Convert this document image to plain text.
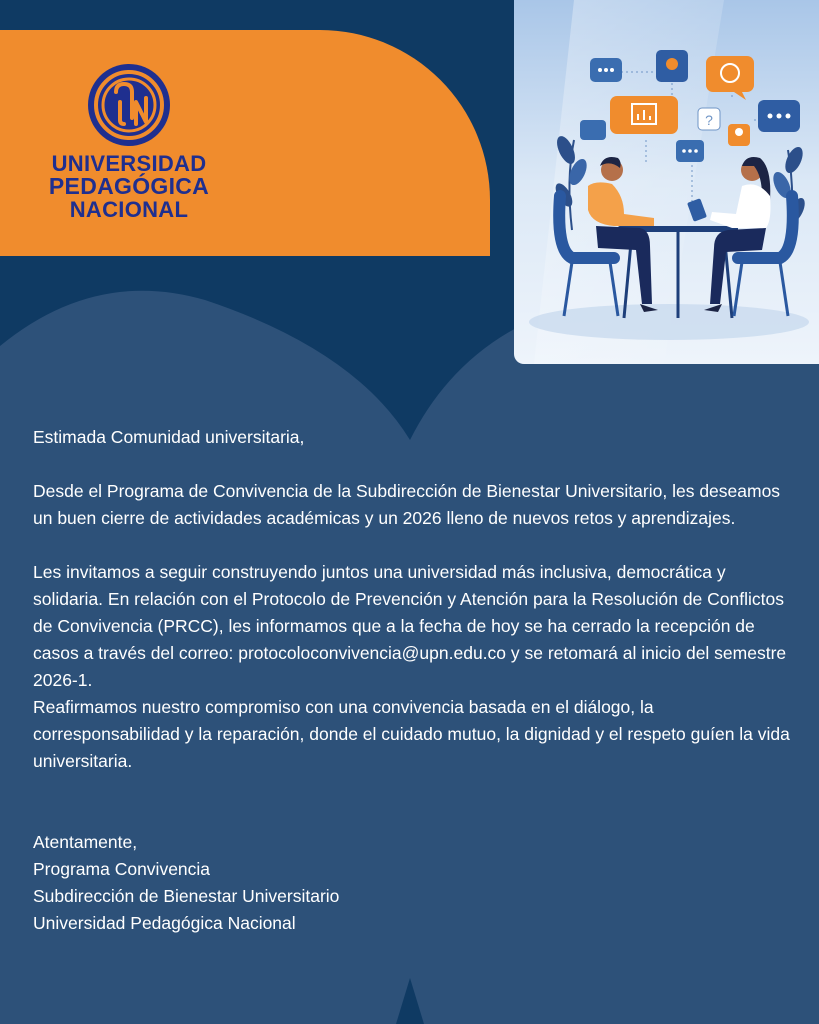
UNIVERSIDAD
PEDAGÓGICA
NACIONAL
?

Estimada Comunidad universitaria,

Desde el Programa de Convivencia de la Subdirección de Bienestar Universitario, les deseamos un buen cierre de actividades académicas y un 2026 lleno de nuevos retos y aprendizajes.

Les invitamos a seguir construyendo juntos una universidad más inclusiva, democrática y solidaria. En relación con el Protocolo de Prevención y Atención para la Resolución de Conflictos de Convivencia (PRCC), les informamos que a la fecha de hoy se ha cerrado la recepción de casos a través del correo: protocoloconvivencia@upn.edu.co y se retomará al inicio del semestre 2026-1.

Reafirmamos nuestro compromiso con una convivencia basada en el diálogo, la corresponsabilidad y la reparación, donde el cuidado mutuo, la dignidad y el respeto guíen la vida universitaria.

Atentamente,

Programa Convivencia

Subdirección de Bienestar Universitario

Universidad Pedagógica Nacional
